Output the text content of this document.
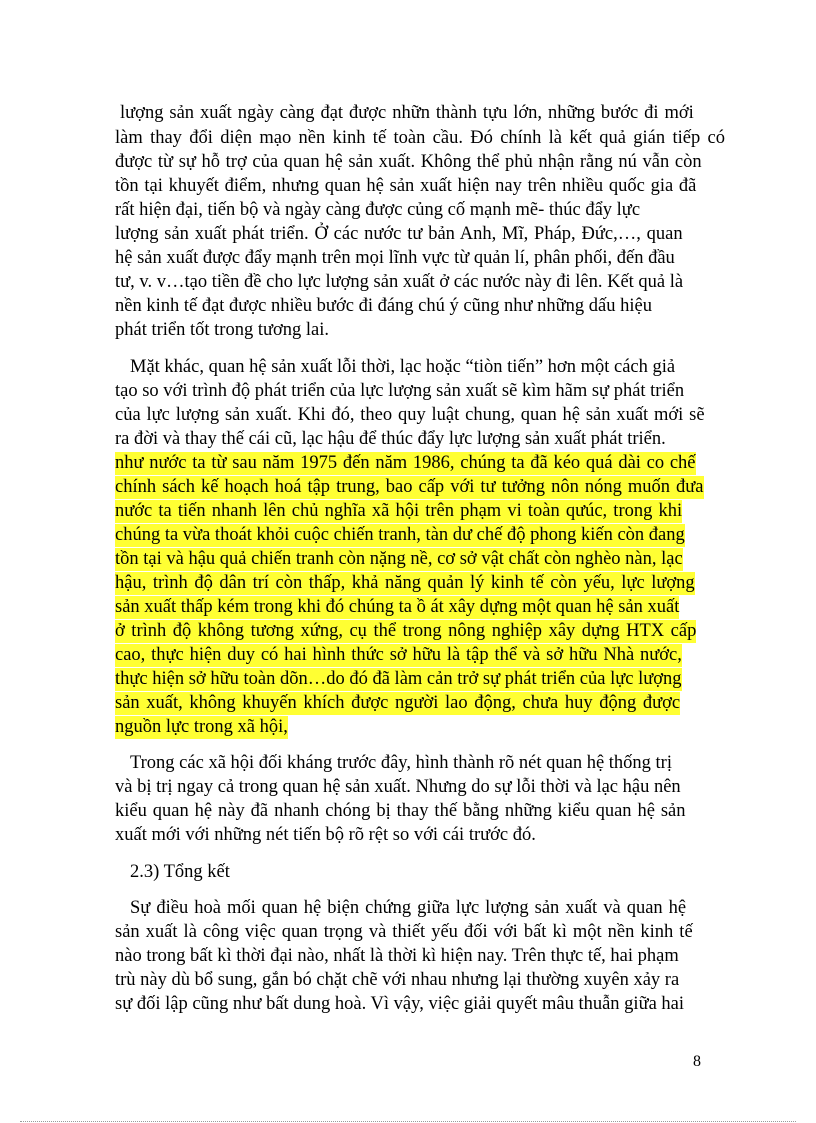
lượng sản xuất ngày càng đạt được nhữn thành tựu lớn, những bước đi mới
làm thay đổi diện mạo nền kinh tế toàn cầu. Đó chính là kết quả gián tiếp có
được từ sự hỗ trợ của quan hệ sản xuất. Không thể phủ nhận rằng nú vẫn còn
tồn tại khuyết điểm, nhưng quan hệ sản xuất hiện nay trên nhiều quốc gia đã
rất hiện đại, tiến bộ và ngày càng được củng cố mạnh mẽ- thúc đẩy lực
lượng sản xuất phát triển. Ở các nước tư bản Anh, Mĩ, Pháp, Đức,…, quan
hệ sản xuất được đẩy mạnh trên mọi lĩnh vực từ quản lí, phân phối, đến đầu
tư, v. v…tạo tiền đề cho lực lượng sản xuất ở các nước này đi lên. Kết quả là
nền kinh tế đạt được nhiều bước đi đáng chú ý cũng như những dấu hiệu
phát triển tốt trong tương lai.
Mặt khác, quan hệ sản xuất lỗi thời, lạc hoặc “tiòn tiến” hơn một cách giả
tạo so với trình độ phát triển của lực lượng sản xuất sẽ kìm hãm sự phát triển
của lực lượng sản xuất. Khi đó, theo quy luật chung, quan hệ sản xuất mới sẽ
ra đời và thay thế cái cũ, lạc hậu để thúc đẩy lực lượng sản xuất phát triển.
như nước ta từ sau năm 1975 đến năm 1986, chúng ta đã kéo quá dài co chế
chính sách kế hoạch hoá tập trung, bao cấp với tư tưởng nôn nóng muốn đưa
nước ta tiến nhanh lên chủ nghĩa xã hội trên phạm vi toàn qưúc, trong khi
chúng ta vừa thoát khỏi cuộc chiến tranh, tàn dư chế độ phong kiến còn đang
tồn tại và hậu quả chiến tranh còn nặng nề, cơ sở vật chất còn nghèo nàn, lạc
hậu, trình độ dân trí còn thấp, khả năng quản lý kinh tế còn yếu, lực lượng
sản xuất thấp kém trong khi đó chúng ta ồ át xây dựng một quan hệ sản xuất
ở trình độ không tương xứng, cụ thể trong nông nghiệp xây dựng HTX cấp
cao, thực hiện duy có hai hình thức sở hữu là tập thể và sở hữu Nhà nước,
thực hiện sở hữu toàn dõn…do đó đã làm cản trở sự phát triển của lực lượng
sản xuất, không khuyến khích được người lao động, chưa huy động được
nguồn lực trong xã hội,
Trong các xã hội đối kháng trước đây, hình thành rõ nét quan hệ thống trị
và bị trị ngay cả trong quan hệ sản xuất. Nhưng do sự lỗi thời và lạc hậu nên
kiểu quan hệ này đã nhanh chóng bị thay thế bằng những kiểu quan hệ sản
xuất mới với những nét tiến bộ rõ rệt so với cái trước đó.
2.3) Tổng kết
Sự điều hoà mối quan hệ biện chứng giữa lực lượng sản xuất và quan hệ
sản xuất là công việc quan trọng và thiết yếu đối với bất kì một nền kinh tế
nào trong bất kì thời đại nào, nhất là thời kì hiện nay. Trên thực tế, hai phạm
trù này dù bổ sung, gắn bó chặt chẽ với nhau nhưng lại thường xuyên xảy ra
sự đối lập cũng như bất dung hoà. Vì vậy, việc giải quyết mâu thuẫn giữa hai
8
